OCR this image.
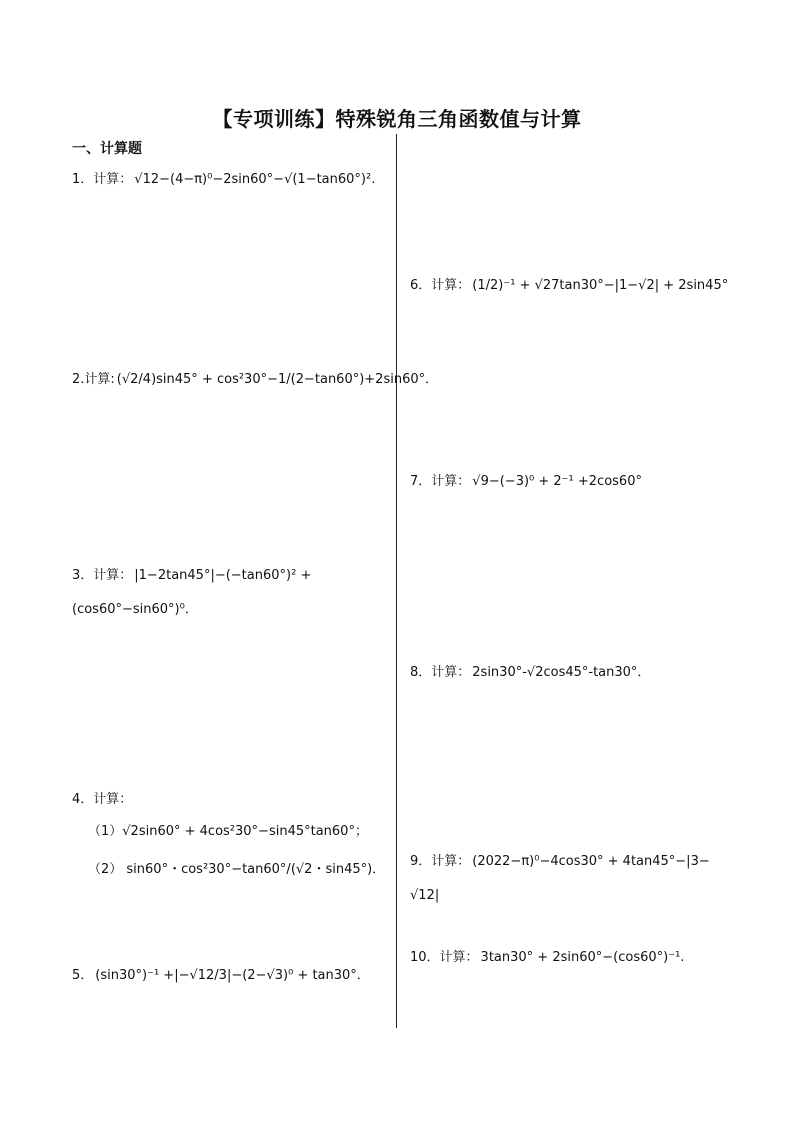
【专项训练】特殊锐角三角函数值与计算
一、计算题
1．计算： √12−(4−π)⁰−2sin60°−√(1−tan60°)².
2.计算: (√2/4)sin45° + cos²30°−1/(2−tan60°)+2sin60°．
3．计算： |1−2tan45°|−(−tan60°)² +
(cos60°−sin60°)⁰．
4．计算：
（1）√2sin60° + 4cos²30°−sin45°tan60°；
（2） sin60°・cos²30°−tan60°/(√2・sin45°)．
5． (sin30°)⁻¹ +|−√12/3|−(2−√3)⁰ + tan30°．
6．计算： (1/2)⁻¹ + √27tan30°−|1−√2| + 2sin45°
7．计算： √9−(−3)⁰ + 2⁻¹ +2cos60°
8．计算： 2sin30°-√2cos45°-tan30°．
9．计算： (2022−π)⁰−4cos30° + 4tan45°−|3−
√12|
10．计算： 3tan30° + 2sin60°−(cos60°)⁻¹.
